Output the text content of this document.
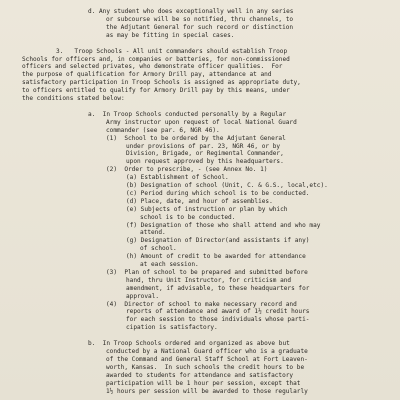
d. Any student who does exceptionally well in any series
or subcourse will be so notified, thru channels, to
the Adjutant General for such record or distinction
as may be fitting in special cases.
3.   Troop Schools - All unit commanders should establish Troop
Schools for officers and, in companies or batteries, for non-commissioned
officers and selected privates, who demonstrate officer qualities.  For
the purpose of qualification for Armory Drill pay, attendance at and
satisfactory participation in Troop Schools is assigned as appropriate duty,
to officers entitled to qualify for Armory Drill pay by this means, under
the conditions stated below:
a.  In Troop Schools conducted personally by a Regular
Army instructor upon request of local National Guard
commander (see par. 6, NGR 46).
(1)  School to be ordered by the Adjutant General
under provisions of par. 23, NGR 46, or by
Division, Brigade, or Regimental Commander,
upon request approved by this headquarters.
(2)  Order to prescribe, - (see Annex No. 1)
(a) Establishment of School.
(b) Designation of school (Unit, C. & G.S., local,etc).
(c) Period during which school is to be conducted.
(d) Place, date, and hour of assemblies.
(e) Subjects of instruction or plan by which
school is to be conducted.
(f) Designation of those who shall attend and who may
attend.
(g) Designation of Director(and assistants if any)
of school.
(h) Amount of credit to be awarded for attendance
at each session.
(3)  Plan of school to be prepared and submitted before
hand, thru Unit Instructor, for criticism and
amendment, if advisable, to these headquarters for
approval.
(4)  Director of school to make necessary record and
reports of attendance and award of 1½ credit hours
for each session to those individuals whose parti-
cipation is satisfactory.
b.  In Troop Schools ordered and organized as above but
conducted by a National Guard officer who is a graduate
of the Command and General Staff School at Fort Leaven-
worth, Kansas.  In such schools the credit hours to be
awarded to students for attendance and satisfactory
participation will be 1 hour per session, except that
1½ hours per session will be awarded to those regularly
